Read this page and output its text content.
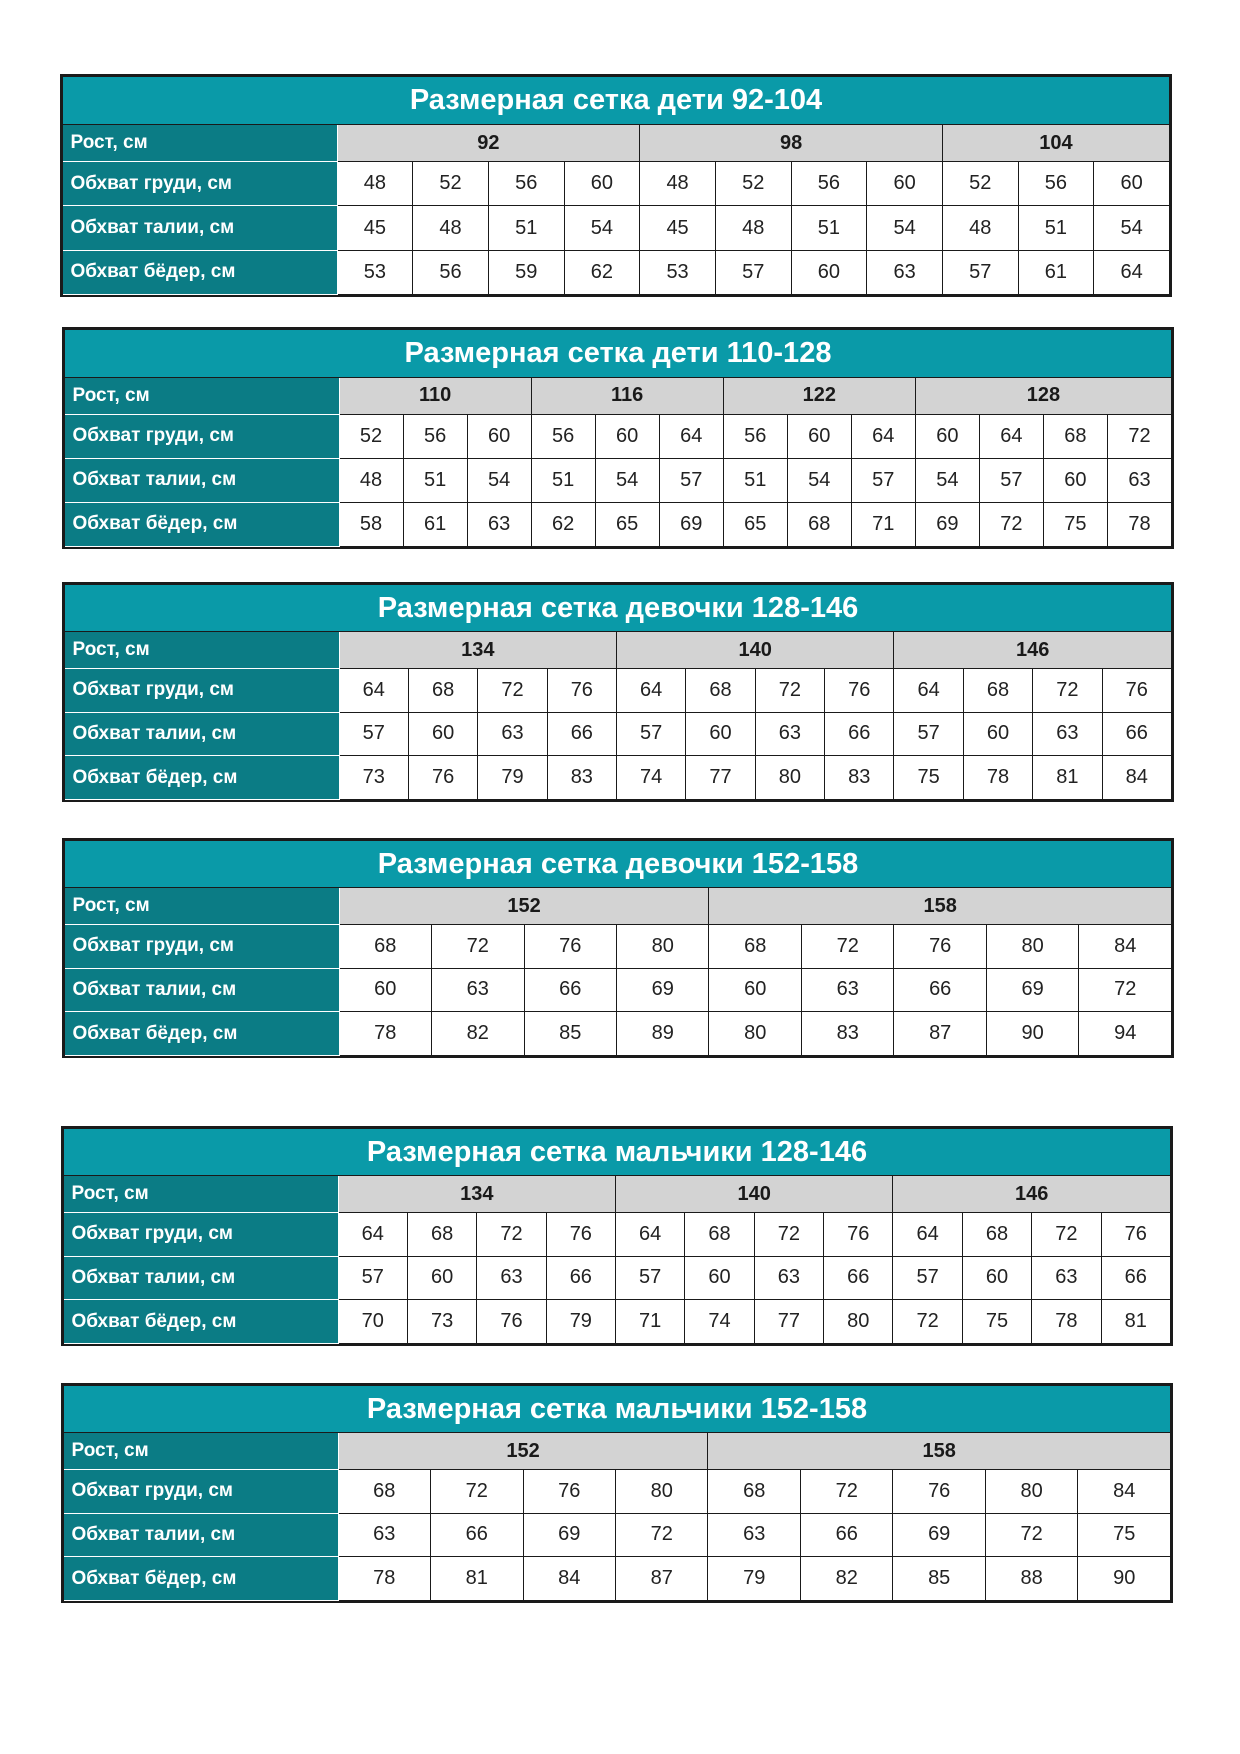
Размерная сетка дети 92-104											
Рост, см	92				98				104		
Обхват груди, см	48	52	56	60	48	52	56	60	52	56	60
Обхват талии, см	45	48	51	54	45	48	51	54	48	51	54
Обхват бёдер, см	53	56	59	62	53	57	60	63	57	61	64
Размерная сетка дети 110-128													
Рост, см	110			116			122			128			
Обхват груди, см	52	56	60	56	60	64	56	60	64	60	64	68	72
Обхват талии, см	48	51	54	51	54	57	51	54	57	54	57	60	63
Обхват бёдер, см	58	61	63	62	65	69	65	68	71	69	72	75	78
Размерная сетка девочки 128-146												
Рост, см	134				140				146			
Обхват груди, см	64	68	72	76	64	68	72	76	64	68	72	76
Обхват талии, см	57	60	63	66	57	60	63	66	57	60	63	66
Обхват бёдер, см	73	76	79	83	74	77	80	83	75	78	81	84
Размерная сетка девочки 152-158									
Рост, см	152				158				
Обхват груди, см	68	72	76	80	68	72	76	80	84
Обхват талии, см	60	63	66	69	60	63	66	69	72
Обхват бёдер, см	78	82	85	89	80	83	87	90	94
Размерная сетка мальчики 128-146												
Рост, см	134				140				146			
Обхват груди, см	64	68	72	76	64	68	72	76	64	68	72	76
Обхват талии, см	57	60	63	66	57	60	63	66	57	60	63	66
Обхват бёдер, см	70	73	76	79	71	74	77	80	72	75	78	81
Размерная сетка мальчики 152-158									
Рост, см	152				158				
Обхват груди, см	68	72	76	80	68	72	76	80	84
Обхват талии, см	63	66	69	72	63	66	69	72	75
Обхват бёдер, см	78	81	84	87	79	82	85	88	90
